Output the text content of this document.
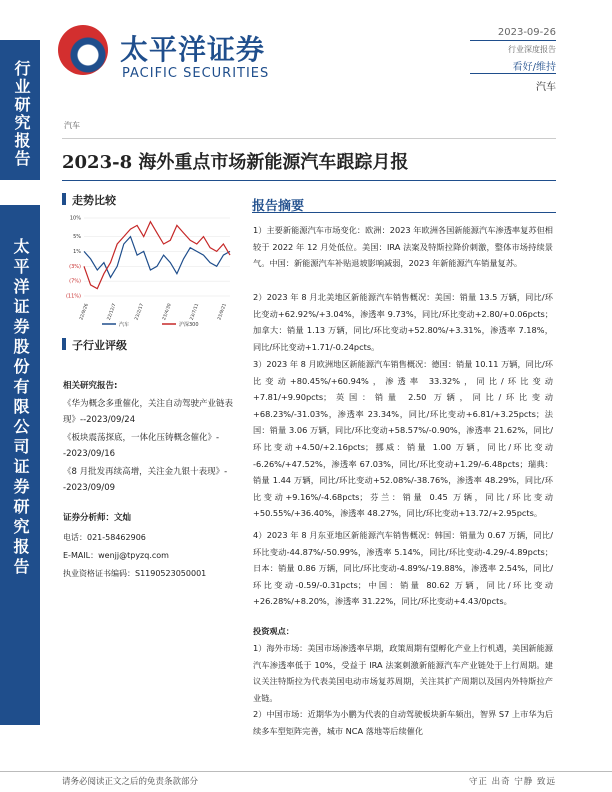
行业研究报告
太平洋证券股份有限公司证券研究报告
太平洋证券
PACIFIC SECURITIES
2023-09-26
行业深度报告
看好/维持
汽车
汽车
2023-8 海外重点市场新能源汽车跟踪月报
走势比较
10%
5%
1%
(3%)
(7%)
(11%)
22/9/26	22/12/7	23/2/17	23/4/30	23/7/11	23/9/21
汽车	沪深300
子行业评级
相关研究报告:
《华为概念多重催化，关注自动驾驶产业链表现》--2023/09/24
《板块震荡探底，一体化压铸概念催化》--2023/09/16
《8 月批发再续高增，关注金九银十表现》--2023/09/09
证券分析师：文灿
电话：021-58462906
E-MAIL：wenjj@tpyzq.com
执业资格证书编码：S1190523050001
报告摘要
1）主要新能源汽车市场变化：欧洲：2023 年欧洲各国新能源汽车渗透率复苏但相较于 2022 年 12 月处低位。美国：IRA 法案及特斯拉降价刺激，整体市场持续景气。中国：新能源汽车补贴退坡影响减弱，2023 年新能源汽车销量复苏。
2）2023 年 8 月北美地区新能源汽车销售概况：美国：销量 13.5 万辆，同比/环比变动+62.92%/+3.04%，渗透率 9.73%，同比/环比变动+2.80/+0.06pcts；加拿大：销量 1.13 万辆，同比/环比变动+52.80%/+3.31%，渗透率 7.18%，同比/环比变动+1.71/-0.24pcts。
3）2023 年 8 月欧洲地区新能源汽车销售概况：德国：销量 10.11 万辆，同比/环比变动+80.45%/+60.94%，渗透率 33.32%，同比/环比变动+7.81/+9.90pcts；英国：销量 2.50 万辆，同比/环比变动+68.23%/-31.03%，渗透率 23.34%，同比/环比变动+6.81/+3.25pcts；法国：销量 3.06 万辆，同比/环比变动+58.57%/-0.90%，渗透率 21.62%，同比/环比变动+4.50/+2.16pcts；挪威：销量 1.00 万辆，同比/环比变动 -6.26%/+47.52%，渗透率 67.03%，同比/环比变动+1.29/-6.48pcts；瑞典：销量 1.44 万辆，同比/环比变动+52.08%/-38.76%，渗透率 48.29%，同比/环比变动+9.16%/-4.68pcts；芬兰：销量 0.45 万辆，同比/环比变动+50.55%/+36.40%，渗透率 48.27%，同比/环比变动+13.72/+2.95pcts。
4）2023 年 8 月东亚地区新能源汽车销售概况：韩国：销量为 0.67 万辆，同比/环比变动-44.87%/-50.99%，渗透率 5.14%，同比/环比变动-4.29/-4.89pcts；日本：销量 0.86 万辆，同比/环比变动-4.89%/-19.88%，渗透率 2.54%，同比/环比变动-0.59/-0.31pcts；中国：销量 80.62 万辆，同比/环比变动+26.28%/+8.20%，渗透率 31.22%，同比/环比变动+4.43/0pcts。
投资观点：
1）海外市场：美国市场渗透率早期，政策周期有望孵化产业上行机遇，美国新能源汽车渗透率低于 10%，受益于 IRA 法案刺激新能源汽车产业链处于上行周期。建议关注特斯拉为代表美国电动市场复苏周期，关注其扩产周期以及国内外特斯拉产业链。
2）中国市场：近期华为小鹏为代表的自动驾驶板块新车频出，智界 S7 上市华为后续多车型矩阵完善，城市 NCA 落地等后续催化
请务必阅读正文之后的免责条款部分	守正 出奇 宁静 致远
